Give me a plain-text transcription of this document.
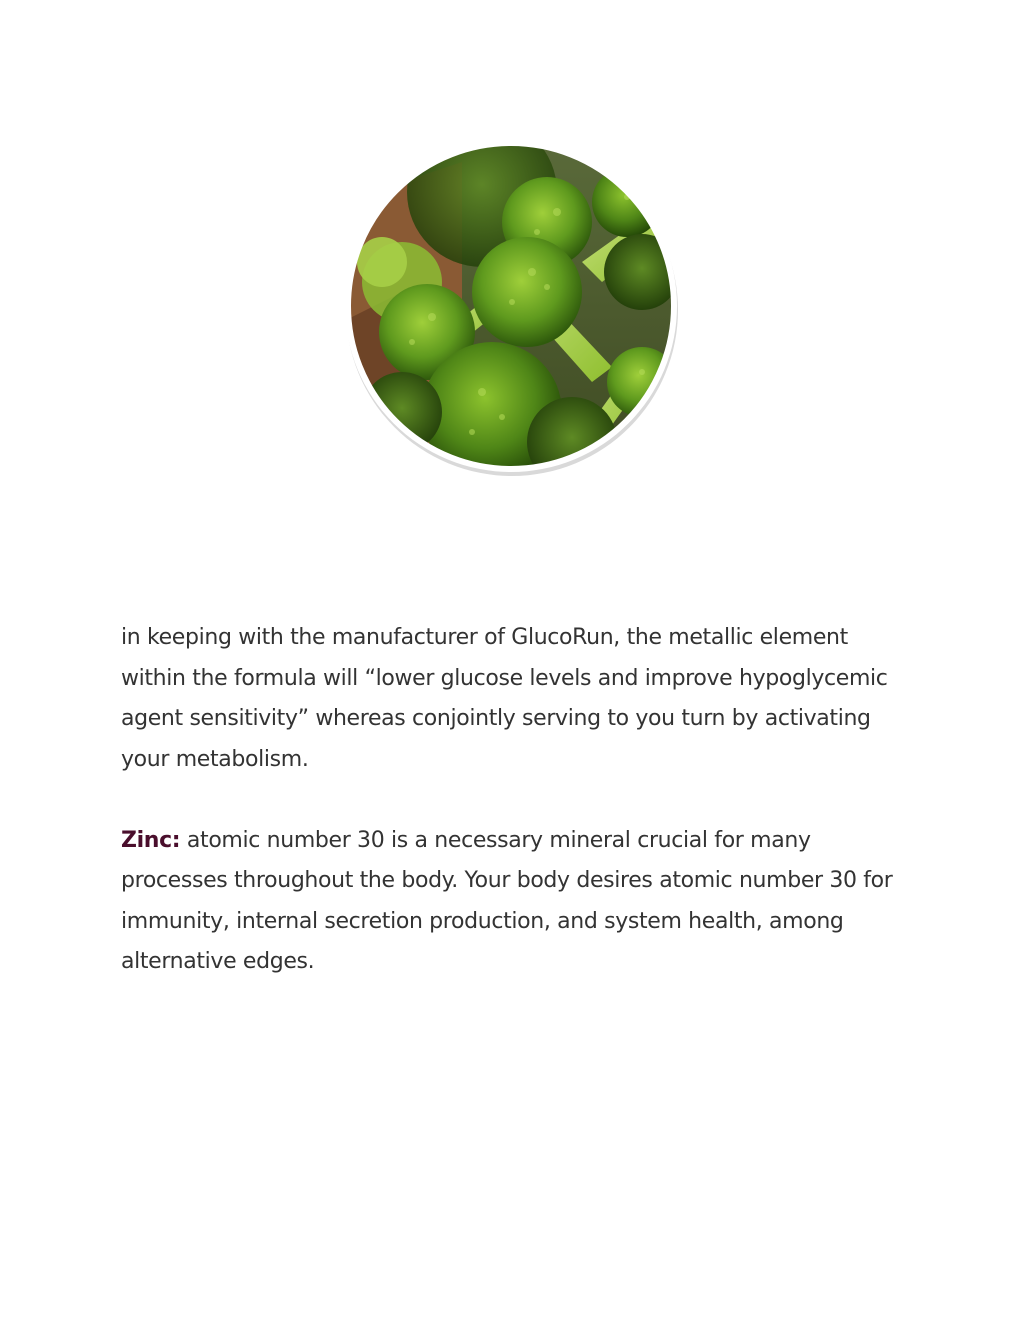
in keeping with the manufacturer of GlucoRun, the metallic element within the formula will “lower glucose levels and improve hypoglycemic agent sensitivity” whereas conjointly serving to you turn by activating your metabolism.

Zinc: atomic number 30 is a necessary mineral crucial for many processes throughout the body. Your body desires atomic number 30 for immunity, internal secretion production, and system health, among alternative edges.
